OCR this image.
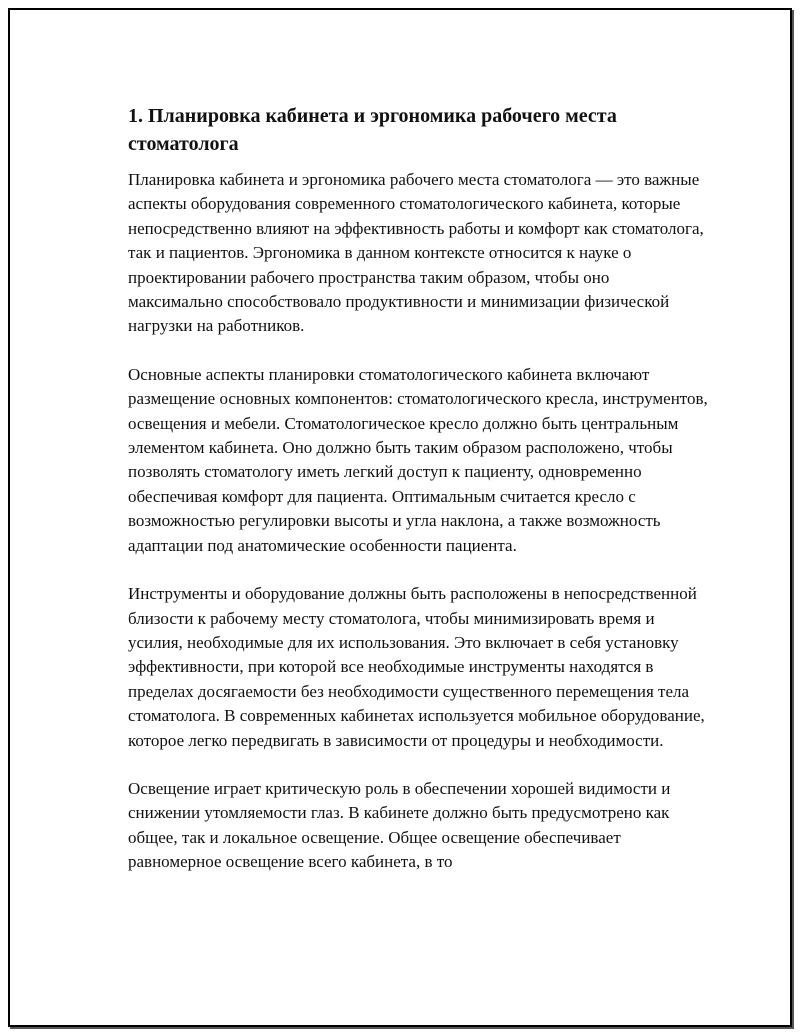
1. Планировка кабинета и эргономика рабочего места стоматолога

Планировка кабинета и эргономика рабочего места стоматолога — это важные аспекты оборудования современного стоматологического кабинета, которые непосредственно влияют на эффективность работы и комфорт как стоматолога, так и пациентов. Эргономика в данном контексте относится к науке о проектировании рабочего пространства таким образом, чтобы оно максимально способствовало продуктивности и минимизации физической нагрузки на работников.

Основные аспекты планировки стоматологического кабинета включают размещение основных компонентов: стоматологического кресла, инструментов, освещения и мебели. Стоматологическое кресло должно быть центральным элементом кабинета. Оно должно быть таким образом расположено, чтобы позволять стоматологу иметь легкий доступ к пациенту, одновременно обеспечивая комфорт для пациента. Оптимальным считается кресло с возможностью регулировки высоты и угла наклона, а также возможность адаптации под анатомические особенности пациента.

Инструменты и оборудование должны быть расположены в непосредственной близости к рабочему месту стоматолога, чтобы минимизировать время и усилия, необходимые для их использования. Это включает в себя установку эффективности, при которой все необходимые инструменты находятся в пределах досягаемости без необходимости существенного перемещения тела стоматолога. В современных кабинетах используется мобильное оборудование, которое легко передвигать в зависимости от процедуры и необходимости.

Освещение играет критическую роль в обеспечении хорошей видимости и снижении утомляемости глаз. В кабинете должно быть предусмотрено как общее, так и локальное освещение. Общее освещение обеспечивает равномерное освещение всего кабинета, в то
